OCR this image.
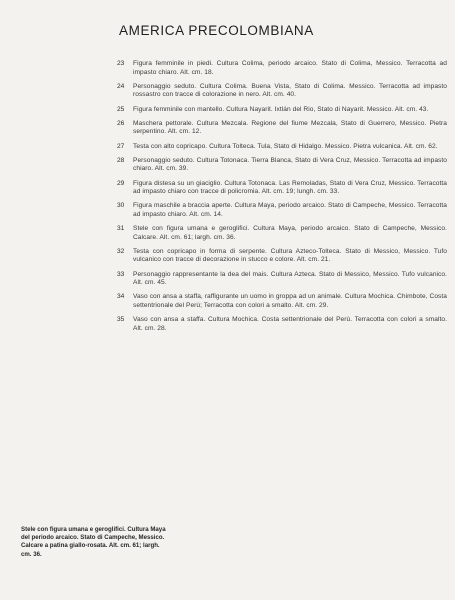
AMERICA PRECOLOMBIANA
23	Figura femminile in piedi. Cultura Colima, periodo arcaico. Stato di Colima, Messico. Terracotta ad impasto chiaro. Alt. cm. 18.
24	Personaggio seduto. Cultura Colima. Buena Vista, Stato di Colima. Messico. Terracotta ad impasto rossastro con tracce di colorazione in nero. Alt. cm. 40.
25	Figura femminile con mantello. Cultura Nayarit. Ixtlán del Rio, Stato di Nayarit. Messico. Alt. cm. 43.
26	Maschera pettorale. Cultura Mezcala. Regione del fiume Mezcala, Stato di Guerrero, Messico. Pietra serpentino. Alt. cm. 12.
27	Testa con alto copricapo. Cultura Tolteca. Tula, Stato di Hidalgo. Messico. Pietra vulcanica. Alt. cm. 62.
28	Personaggio seduto. Cultura Totonaca. Tierra Blanca, Stato di Vera Cruz, Messico. Terracotta ad impasto chiaro. Alt. cm. 39.
29	Figura distesa su un giaciglio. Cultura Totonaca. Las Remoladas, Stato di Vera Cruz, Messico. Terracotta ad impasto chiaro con tracce di policromia. Alt. cm. 19; lungh. cm. 33.
30	Figura maschile a braccia aperte. Cultura Maya, periodo arcaico. Stato di Campeche, Messico. Terracotta ad impasto chiaro. Alt. cm. 14.
31	Stele con figura umana e geroglifici. Cultura Maya, periodo arcaico. Stato di Campeche, Messico. Calcare. Alt. cm. 61; largh. cm. 36.
32	Testa con copricapo in forma di serpente. Cultura Azteco-Tolteca. Stato di Messico, Messico. Tufo vulcanico con tracce di decorazione in stucco e colore. Alt. cm. 21.
33	Personaggio rappresentante la dea del mais. Cultura Azteca. Stato di Messico, Messico. Tufo vulcanico. Alt. cm. 45.
34	Vaso con ansa a staffa, raffigurante un uomo in groppa ad un animale. Cultura Mochica. Chimbote, Costa settentrionale del Perù; Terracotta con colori a smalto. Alt. cm. 29.
35	Vaso con ansa a staffa. Cultura Mochica. Costa settentrionale del Perù. Terracotta con colori a smalto. Alt. cm. 28.

Stele con figura umana e geroglifici. Cultura Maya del periodo arcaico. Stato di Campeche, Messico. Calcare a patina giallo-rosata. Alt. cm. 61; largh. cm. 36.
